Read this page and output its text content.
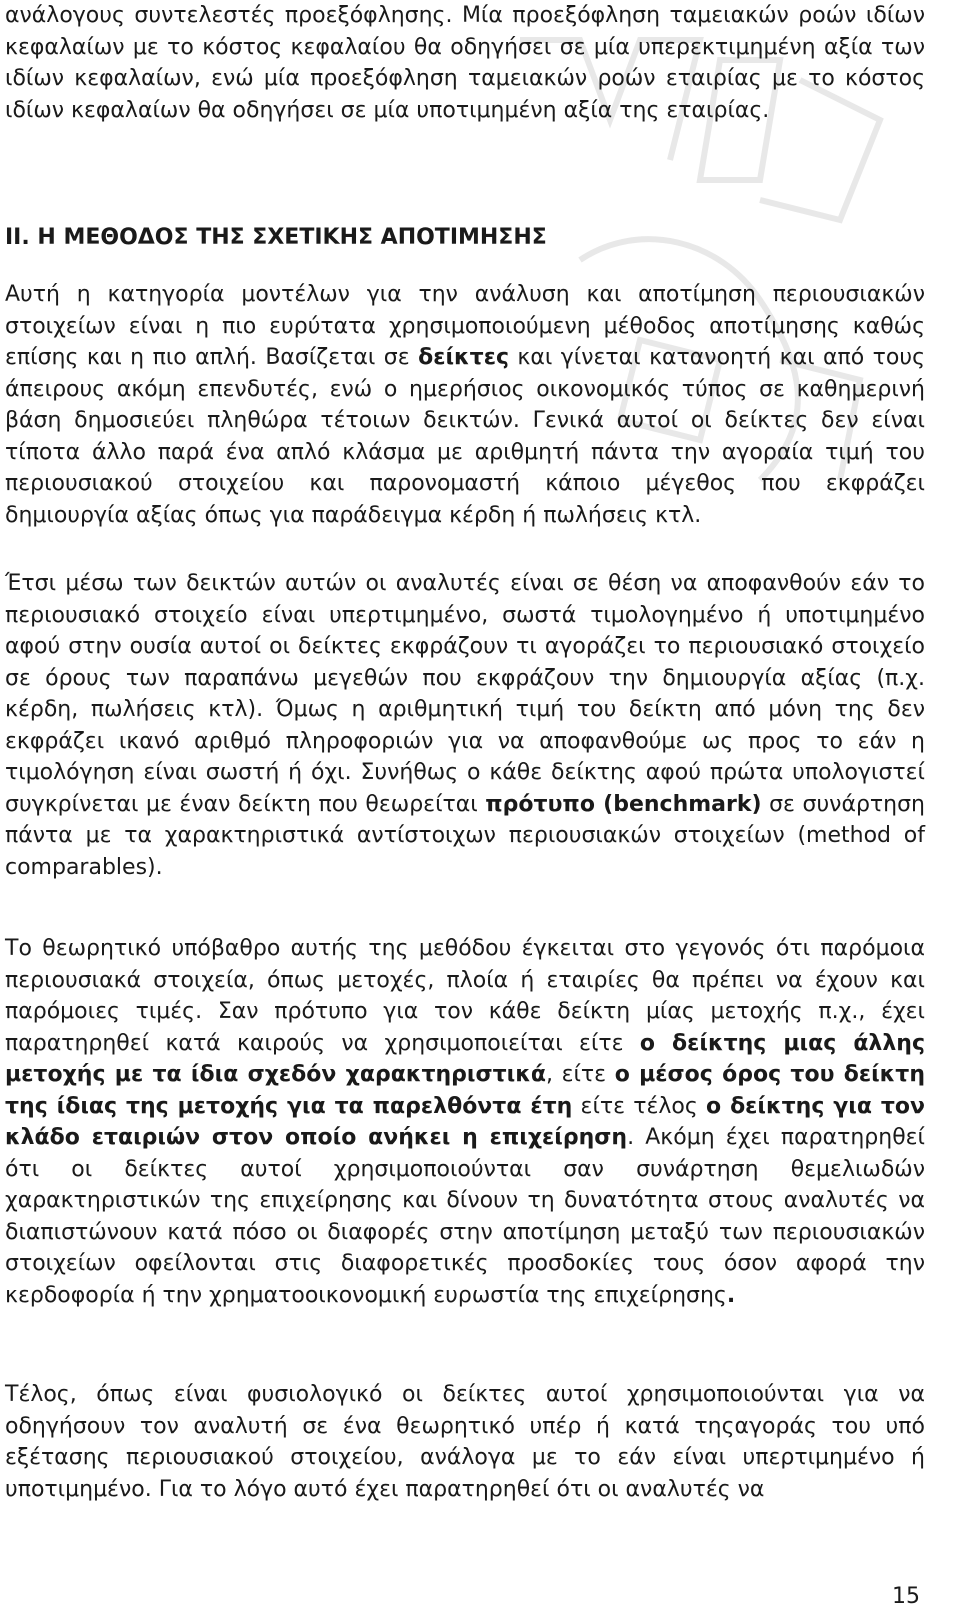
ανάλογους συντελεστές προεξόφλησης. Μία προεξόφληση ταμειακών ροών ιδίων κεφαλαίων με το κόστος κεφαλαίου θα οδηγήσει σε μία υπερεκτιμημένη αξία των ιδίων κεφαλαίων, ενώ μία προεξόφληση ταμειακών ροών εταιρίας με το κόστος ιδίων κεφαλαίων θα οδηγήσει σε μία υποτιμημένη αξία της εταιρίας.

II. Η ΜΕΘΟΔΟΣ ΤΗΣ ΣΧΕΤΙΚΗΣ ΑΠΟΤΙΜΗΣΗΣ

Αυτή η κατηγορία μοντέλων για την ανάλυση και αποτίμηση περιουσιακών στοιχείων είναι η πιο ευρύτατα χρησιμοποιούμενη μέθοδος αποτίμησης καθώς επίσης και η πιο απλή. Βασίζεται σε δείκτες και γίνεται κατανοητή και από τους άπειρους ακόμη επενδυτές, ενώ ο ημερήσιος οικονομικός τύπος σε καθημερινή βάση δημοσιεύει πληθώρα τέτοιων δεικτών. Γενικά αυτοί οι δείκτες δεν είναι τίποτα άλλο παρά ένα απλό κλάσμα με αριθμητή πάντα την αγοραία τιμή του περιουσιακού στοιχείου και παρονομαστή κάποιο μέγεθος που εκφράζει δημιουργία αξίας όπως για παράδειγμα κέρδη ή πωλήσεις κτλ.

Έτσι μέσω των δεικτών αυτών οι αναλυτές είναι σε θέση να αποφανθούν εάν το περιουσιακό στοιχείο είναι υπερτιμημένο, σωστά τιμολογημένο ή υποτιμημένο αφού στην ουσία αυτοί οι δείκτες εκφράζουν τι αγοράζει το περιουσιακό στοιχείο σε όρους των παραπάνω μεγεθών που εκφράζουν την δημιουργία αξίας (π.χ. κέρδη, πωλήσεις κτλ). Όμως η αριθμητική τιμή του δείκτη από μόνη της δεν εκφράζει ικανό αριθμό πληροφοριών για να αποφανθούμε ως προς το εάν η τιμολόγηση είναι σωστή ή όχι. Συνήθως ο κάθε δείκτης αφού πρώτα υπολογιστεί συγκρίνεται με έναν δείκτη που θεωρείται πρότυπο (benchmark) σε συνάρτηση πάντα με τα χαρακτηριστικά αντίστοιχων περιουσιακών στοιχείων (method of comparables).

Το θεωρητικό υπόβαθρο αυτής της μεθόδου έγκειται στο γεγονός ότι παρόμοια περιουσιακά στοιχεία, όπως μετοχές, πλοία ή εταιρίες θα πρέπει να έχουν και παρόμοιες τιμές. Σαν πρότυπο για τον κάθε δείκτη μίας μετοχής π.χ., έχει παρατηρηθεί κατά καιρούς να χρησιμοποιείται είτε ο δείκτης μιας άλλης μετοχής με τα ίδια σχεδόν χαρακτηριστικά, είτε ο μέσος όρος του δείκτη της ίδιας της μετοχής για τα παρελθόντα έτη είτε τέλος ο δείκτης για τον κλάδο εταιριών στον οποίο ανήκει η επιχείρηση. Ακόμη έχει παρατηρηθεί ότι οι δείκτες αυτοί χρησιμοποιούνται σαν συνάρτηση θεμελιωδών χαρακτηριστικών της επιχείρησης και δίνουν τη δυνατότητα στους αναλυτές να διαπιστώνουν κατά πόσο οι διαφορές στην αποτίμηση μεταξύ των περιουσιακών στοιχείων οφείλονται στις διαφορετικές προσδοκίες τους όσον αφορά την κερδοφορία ή την χρηματοοικονομική ευρωστία της επιχείρησης.

Τέλος, όπως είναι φυσιολογικό οι δείκτες αυτοί χρησιμοποιούνται για να οδηγήσουν τον αναλυτή σε ένα θεωρητικό υπέρ ή κατά τηςαγοράς του υπό εξέτασης περιουσιακού στοιχείου, ανάλογα με το εάν είναι υπερτιμημένο ή υποτιμημένο. Για το λόγο αυτό έχει παρατηρηθεί ότι οι αναλυτές να

15
